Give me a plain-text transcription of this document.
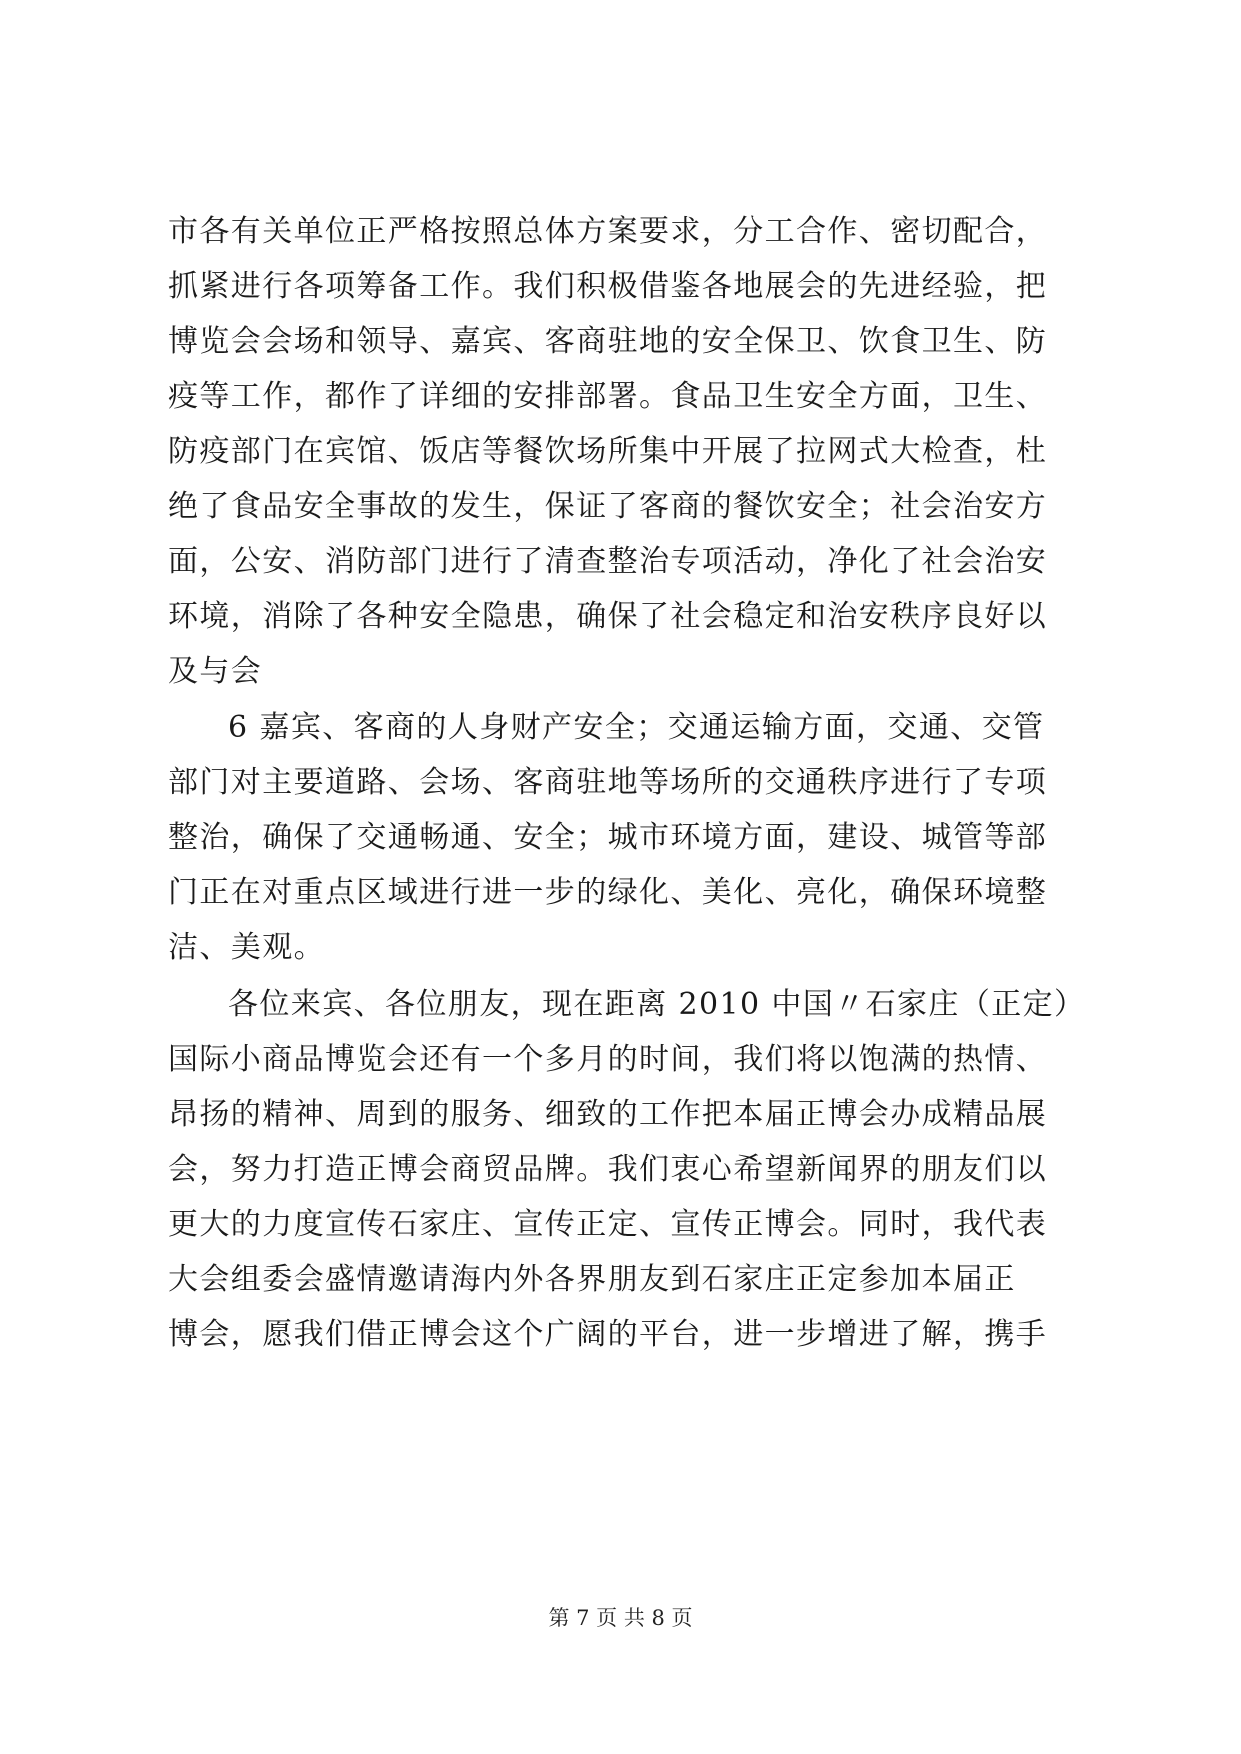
市各有关单位正严格按照总体方案要求，分工合作、密切配合，
抓紧进行各项筹备工作。我们积极借鉴各地展会的先进经验，把
博览会会场和领导、嘉宾、客商驻地的安全保卫、饮食卫生、防
疫等工作，都作了详细的安排部署。食品卫生安全方面，卫生、
防疫部门在宾馆、饭店等餐饮场所集中开展了拉网式大检查，杜
绝了食品安全事故的发生，保证了客商的餐饮安全；社会治安方
面，公安、消防部门进行了清查整治专项活动，净化了社会治安
环境，消除了各种安全隐患，确保了社会稳定和治安秩序良好以
及与会
6 嘉宾、客商的人身财产安全；交通运输方面，交通、交管
部门对主要道路、会场、客商驻地等场所的交通秩序进行了专项
整治，确保了交通畅通、安全；城市环境方面，建设、城管等部
门正在对重点区域进行进一步的绿化、美化、亮化，确保环境整
洁、美观。
各位来宾、各位朋友，现在距离 2010 中国〃石家庄（正定）
国际小商品博览会还有一个多月的时间，我们将以饱满的热情、
昂扬的精神、周到的服务、细致的工作把本届正博会办成精品展
会，努力打造正博会商贸品牌。我们衷心希望新闻界的朋友们以
更大的力度宣传石家庄、宣传正定、宣传正博会。同时，我代表
大会组委会盛情邀请海内外各界朋友到石家庄正定参加本届正
博会，愿我们借正博会这个广阔的平台，进一步增进了解，携手
第 7 页 共 8 页
